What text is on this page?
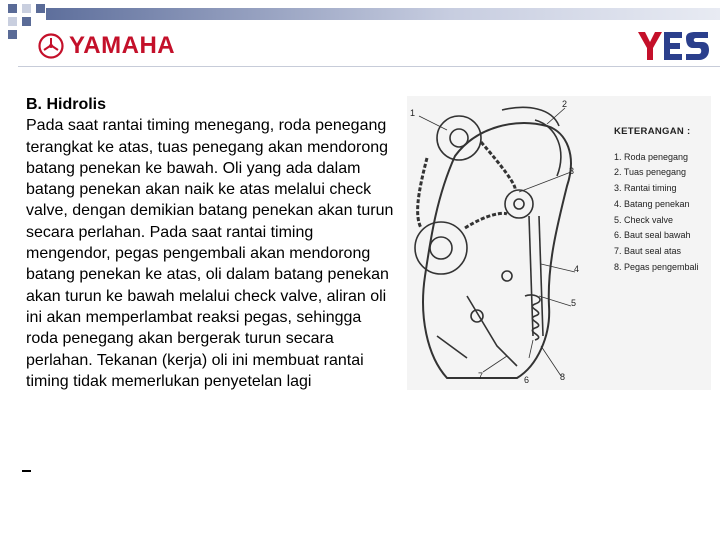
YAMAHA
B. Hidrolis
Pada saat rantai timing menegang, roda penegang terangkat ke atas, tuas penegang akan mendorong batang penekan ke bawah. Oli yang ada dalam batang penekan akan naik ke atas melalui check valve, dengan demikian batang penekan akan turun secara perlahan. Pada saat rantai timing mengendor, pegas pengembali akan mendorong batang penekan ke atas, oli dalam batang penekan akan turun ke bawah melalui check valve, aliran oli ini akan memperlambat reaksi pegas, sehingga roda penegang akan bergerak turun secara perlahan. Tekanan (kerja) oli ini membuat rantai timing tidak memerlukan penyetelan lagi
1
2
3
4
5
6
7	8
KETERANGAN :
1. Roda penegang
2. Tuas penegang
3. Rantai timing
4. Batang penekan
5. Check valve
6. Baut seal bawah
7. Baut seal atas
8. Pegas pengembali
